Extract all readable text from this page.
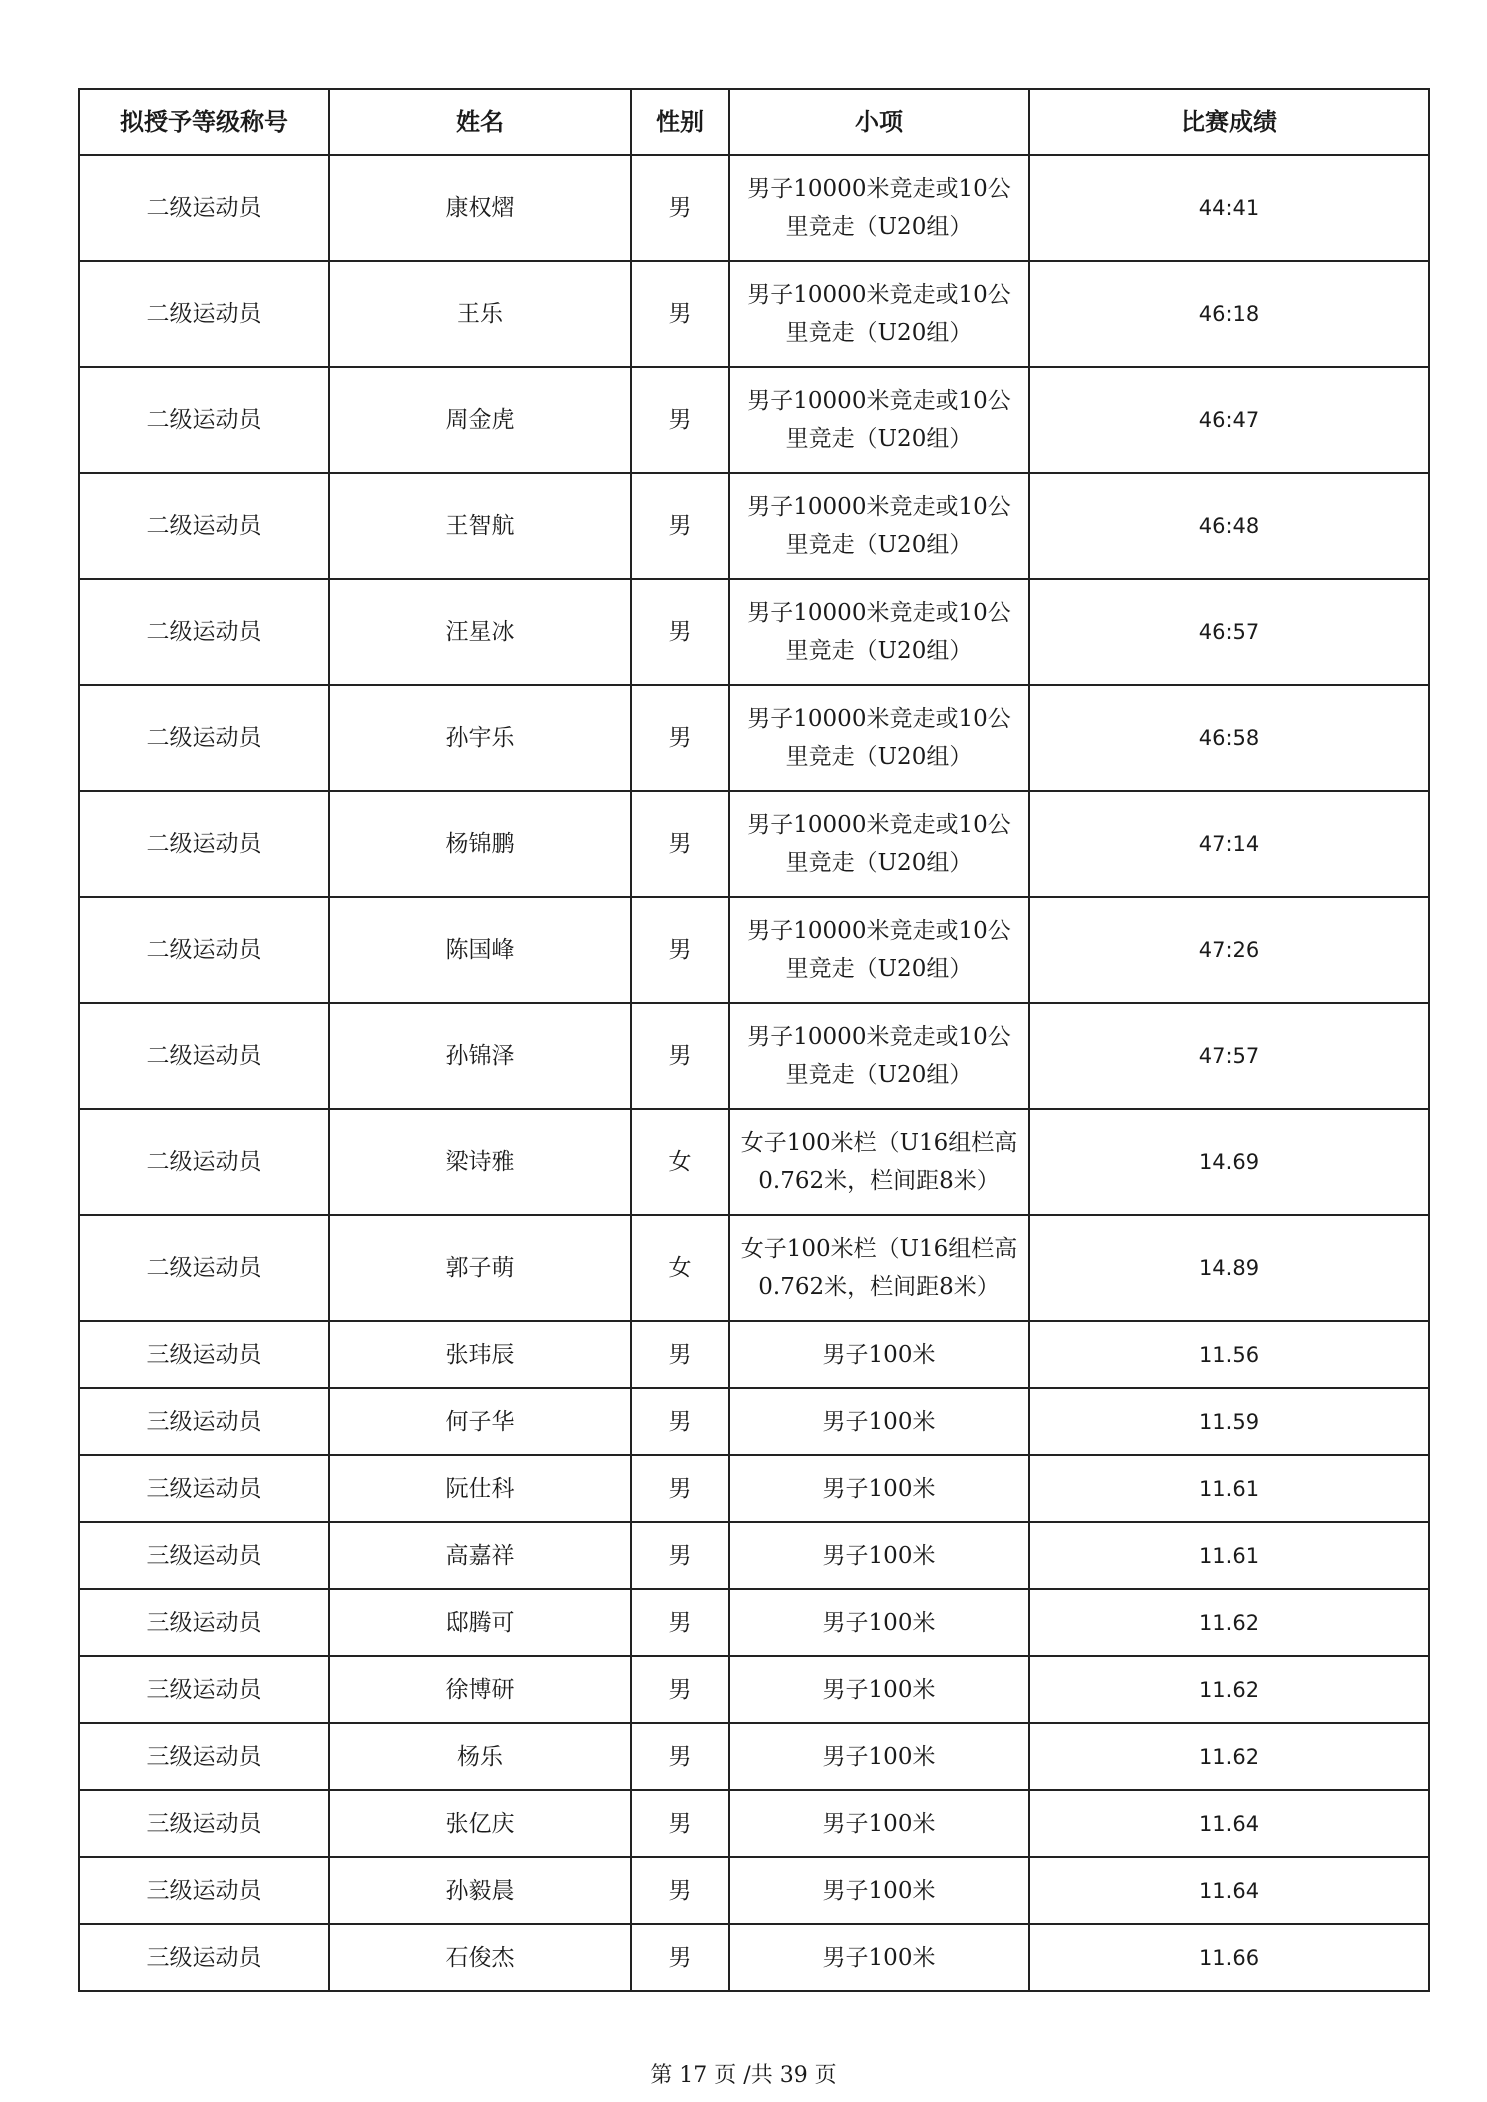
拟授予等级称号	姓名	性别	小项	比赛成绩
二级运动员	康权熠	男	男子10000米竞走或10公里竞走（U20组）	44:41
二级运动员	王乐	男	男子10000米竞走或10公里竞走（U20组）	46:18
二级运动员	周金虎	男	男子10000米竞走或10公里竞走（U20组）	46:47
二级运动员	王智航	男	男子10000米竞走或10公里竞走（U20组）	46:48
二级运动员	汪星冰	男	男子10000米竞走或10公里竞走（U20组）	46:57
二级运动员	孙宇乐	男	男子10000米竞走或10公里竞走（U20组）	46:58
二级运动员	杨锦鹏	男	男子10000米竞走或10公里竞走（U20组）	47:14
二级运动员	陈国峰	男	男子10000米竞走或10公里竞走（U20组）	47:26
二级运动员	孙锦泽	男	男子10000米竞走或10公里竞走（U20组）	47:57
二级运动员	梁诗雅	女	女子100米栏（U16组栏高0.762米，栏间距8米）	14.69
二级运动员	郭子萌	女	女子100米栏（U16组栏高0.762米，栏间距8米）	14.89
三级运动员	张玮辰	男	男子100米	11.56
三级运动员	何子华	男	男子100米	11.59
三级运动员	阮仕科	男	男子100米	11.61
三级运动员	高嘉祥	男	男子100米	11.61
三级运动员	邸腾可	男	男子100米	11.62
三级运动员	徐博研	男	男子100米	11.62
三级运动员	杨乐	男	男子100米	11.62
三级运动员	张亿庆	男	男子100米	11.64
三级运动员	孙毅晨	男	男子100米	11.64
三级运动员	石俊杰	男	男子100米	11.66
第 17 页 /共 39 页
